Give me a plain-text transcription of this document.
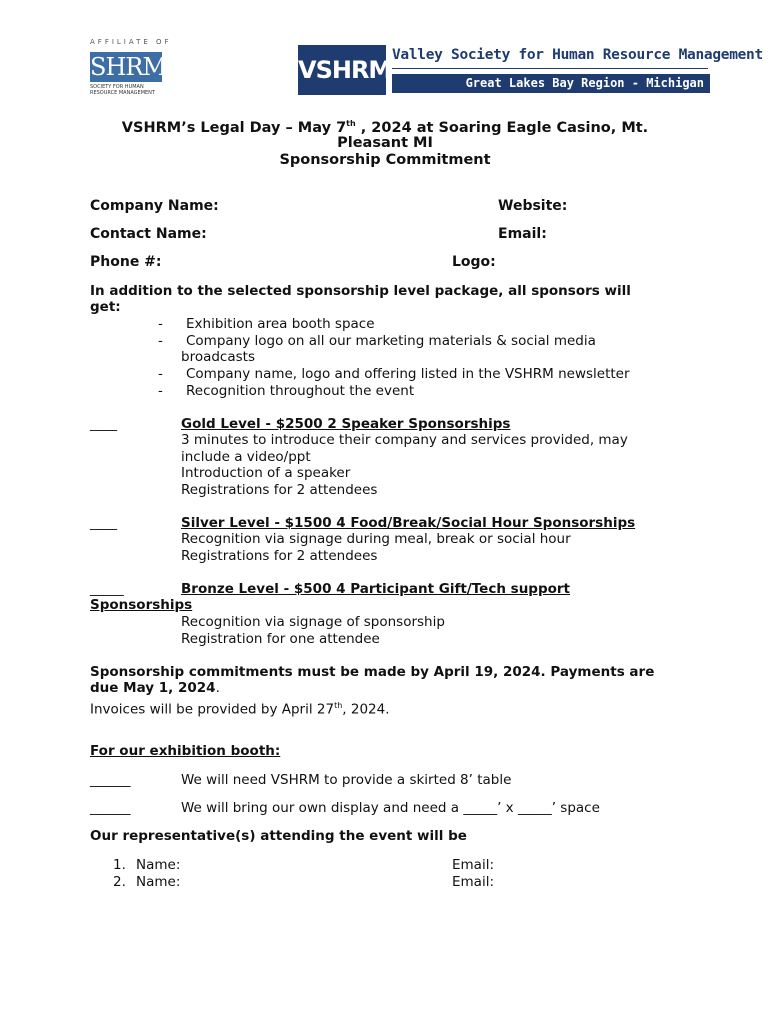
AFFILIATE OF
SHRM
SOCIETY FOR HUMAN RESOURCE MANAGEMENT
VSHRM
Valley Society for Human Resource Management
Great Lakes Bay Region - Michigan
VSHRM’s Legal Day – May 7th , 2024 at Soaring Eagle Casino, Mt.
Pleasant MI
Sponsorship Commitment
Company Name:	Website:
Contact Name:	Email:
Phone #:	Logo:
In addition to the selected sponsorship level package, all sponsors will
get:
- Exhibition area booth space
- Company logo on all our marketing materials & social media
broadcasts
- Company name, logo and offering listed in the VSHRM newsletter
- Recognition throughout the event
____	Gold Level - $2500 2 Speaker Sponsorships
3 minutes to introduce their company and services provided, may
include a video/ppt
Introduction of a speaker
Registrations for 2 attendees
____	Silver Level - $1500 4 Food/Break/Social Hour Sponsorships
Recognition via signage during meal, break or social hour
Registrations for 2 attendees
_____	Bronze Level - $500 4 Participant Gift/Tech support
Sponsorships
Recognition via signage of sponsorship
Registration for one attendee
Sponsorship commitments must be made by April 19, 2024. Payments are
due May 1, 2024.
Invoices will be provided by April 27th, 2024.
For our exhibition booth:
______	We will need VSHRM to provide a skirted 8’ table
______	We will bring our own display and need a _____’ x _____’ space
Our representative(s) attending the event will be
1. Name:	Email:
2. Name:	Email:
